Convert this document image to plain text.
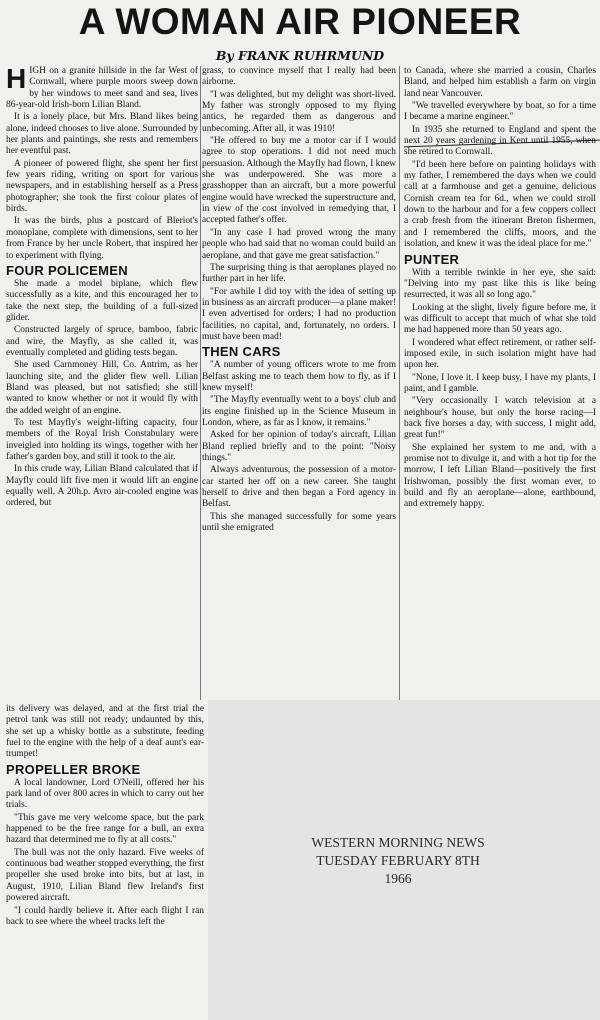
A WOMAN AIR PIONEER
By FRANK RUHRMUND

HIGH on a granite hillside in the far West of Cornwall, where purple moors sweep down by her windows to meet sand and sea, lives 86-year-old Irish-born Lilian Bland.

It is a lonely place, but Mrs. Bland likes being alone, indeed chooses to live alone. Surrounded by her plants and paintings, she rests and remembers her eventful past.

A pioneer of powered flight, she spent her first few years riding, writing on sport for various newspapers, and in establishing herself as a Press photographer; she took the first colour plates of birds.

It was the birds, plus a postcard of Bleriot's monoplane, complete with dimensions, sent to her from France by her uncle Robert, that inspired her to experiment with flying.

FOUR POLICEMEN

She made a model biplane, which flew successfully as a kite, and this encouraged her to take the next step, the building of a full-sized glider.

Constructed largely of spruce, bamboo, fabric and wire, the Mayfly, as she called it, was eventually completed and gliding tests began.

She used Carnmoney Hill, Co. Antrim, as her launching site, and the glider flew well. Lilian Bland was pleased, but not satisfied; she still wanted to know whether or not it would fly with the added weight of an engine.

To test Mayfly's weight-lifting capacity, four members of the Royal Irish Constabulary were inveigled into holding its wings, together with her father's garden boy, and still it took to the air.

In this crude way, Lilian Bland calculated that if Mayfly could lift five men it would lift an engine equally well. A 20h.p. Avro air-cooled engine was ordered, but

grass, to convince myself that I really had been airborne.

"I was delighted, but my delight was short-lived. My father was strongly opposed to my flying antics, he regarded them as dangerous and unbecoming. After all, it was 1910!

"He offered to buy me a motor car if I would agree to stop operations. I did not need much persuasion. Although the Mayfly had flown, I knew she was underpowered. She was more a grasshopper than an aircraft, but a more powerful engine would have wrecked the superstructure and, in view of the cost involved in remedying that, I accepted father's offer.

"In any case I had proved wrong the many people who had said that no woman could build an aeroplane, and that gave me great satisfaction."

The surprising thing is that aeroplanes played no further part in her life.

"For awhile I did toy with the idea of setting up in business as an aircraft producer—a plane maker! I even advertised for orders; I had no production facilities, no capital, and, fortunately, no orders. I must have been mad!

THEN CARS

"A number of young officers wrote to me from Belfast asking me to teach them how to fly, as if I knew myself!

"The Mayfly eventually went to a boys' club and its engine finished up in the Science Museum in London, where, as far as I know, it remains."

Asked for her opinion of today's aircraft, Lilian Bland replied briefly and to the point: "Noisy things."

Always adventurous, the possession of a motor-car started her off on a new career. She taught herself to drive and then began a Ford agency in Belfast.

This she managed successfully for some years until she emigrated

to Canada, where she married a cousin, Charles Bland, and helped him establish a farm on virgin land near Vancouver.

"We travelled everywhere by boat, so for a time I became a marine engineer."

In 1935 she returned to England and spent the next 20 years gardening in Kent until 1955, when she retired to Cornwall.

"I'd been here before on painting holidays with my father, I remembered the days when we could call at a farmhouse and get a genuine, delicious Cornish cream tea for 6d., when we could stroll down to the harbour and for a few coppers collect a crab fresh from the itinerant Breton fishermen, and I remembered the cliffs, moors, and the isolation, and knew it was the ideal place for me."

PUNTER

With a terrible twinkle in her eye, she said: "Delving into my past like this is like being resurrected, it was all so long ago."

Looking at the slight, lively figure before me, it was difficult to accept that much of what she told me had happened more than 50 years ago.

I wondered what effect retirement, or rather self-imposed exile, in such isolation might have had upon her.

"None, I love it. I keep busy, I have my plants, I paint, and I gamble.

"Very occasionally I watch television at a neighbour's house, but only the horse racing—I back five horses a day, with success, I might add, great fun!"

She explained her system to me and, with a promise not to divulge it, and with a hot tip for the morrow, I left Lilian Bland—positively the first Irishwoman, possibly the first woman ever, to build and fly an aeroplane—alone, earthbound, and extremely happy.

its delivery was delayed, and at the first trial the petrol tank was still not ready; undaunted by this, she set up a whisky bottle as a substitute, feeding fuel to the engine with the help of a deaf aunt's ear-trumpet!

PROPELLER BROKE

A local landowner, Lord O'Neill, offered her his park land of over 800 acres in which to carry out her trials.

"This gave me very welcome space, but the park happened to be the free range for a bull, an extra hazard that determined me to fly at all costs."

The bull was not the only hazard. Five weeks of continuous bad weather stopped everything, the first propeller she used broke into bits, but at last, in August, 1910, Lilian Bland flew Ireland's first powered aircraft.

"I could hardly believe it. After each flight I ran back to see where the wheel tracks left the

WESTERN MORNING NEWS
TUESDAY FEBRUARY 8TH
1966
